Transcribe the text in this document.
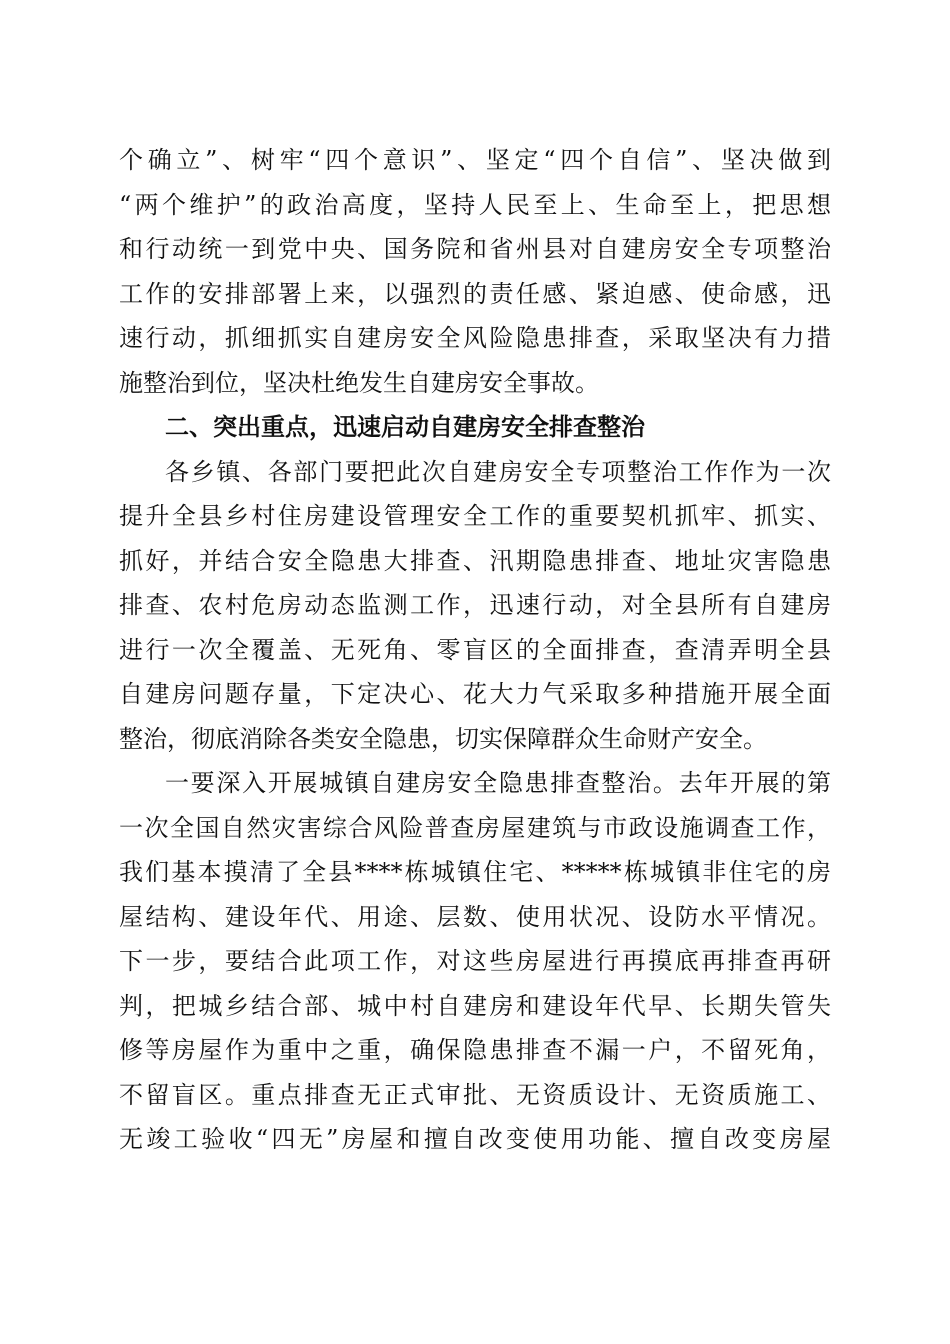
个确立”、树牢“四个意识”、坚定“四个自信”、坚决做到
“两个维护”的政治高度，坚持人民至上、生命至上，把思想
和行动统一到党中央、国务院和省州县对自建房安全专项整治
工作的安排部署上来，以强烈的责任感、紧迫感、使命感，迅
速行动，抓细抓实自建房安全风险隐患排查，采取坚决有力措
施整治到位，坚决杜绝发生自建房安全事故。
二、突出重点，迅速启动自建房安全排查整治
各乡镇、各部门要把此次自建房安全专项整治工作作为一次
提升全县乡村住房建设管理安全工作的重要契机抓牢、抓实、
抓好，并结合安全隐患大排查、汛期隐患排查、地址灾害隐患
排查、农村危房动态监测工作，迅速行动，对全县所有自建房
进行一次全覆盖、无死角、零盲区的全面排查，查清弄明全县
自建房问题存量，下定决心、花大力气采取多种措施开展全面
整治，彻底消除各类安全隐患，切实保障群众生命财产安全。
一要深入开展城镇自建房安全隐患排查整治。去年开展的第
一次全国自然灾害综合风险普查房屋建筑与市政设施调查工作，
我们基本摸清了全县****栋城镇住宅、*****栋城镇非住宅的房
屋结构、建设年代、用途、层数、使用状况、设防水平情况。
下一步，要结合此项工作，对这些房屋进行再摸底再排查再研
判，把城乡结合部、城中村自建房和建设年代早、长期失管失
修等房屋作为重中之重，确保隐患排查不漏一户，不留死角，
不留盲区。重点排查无正式审批、无资质设计、无资质施工、
无竣工验收“四无”房屋和擅自改变使用功能、擅自改变房屋
